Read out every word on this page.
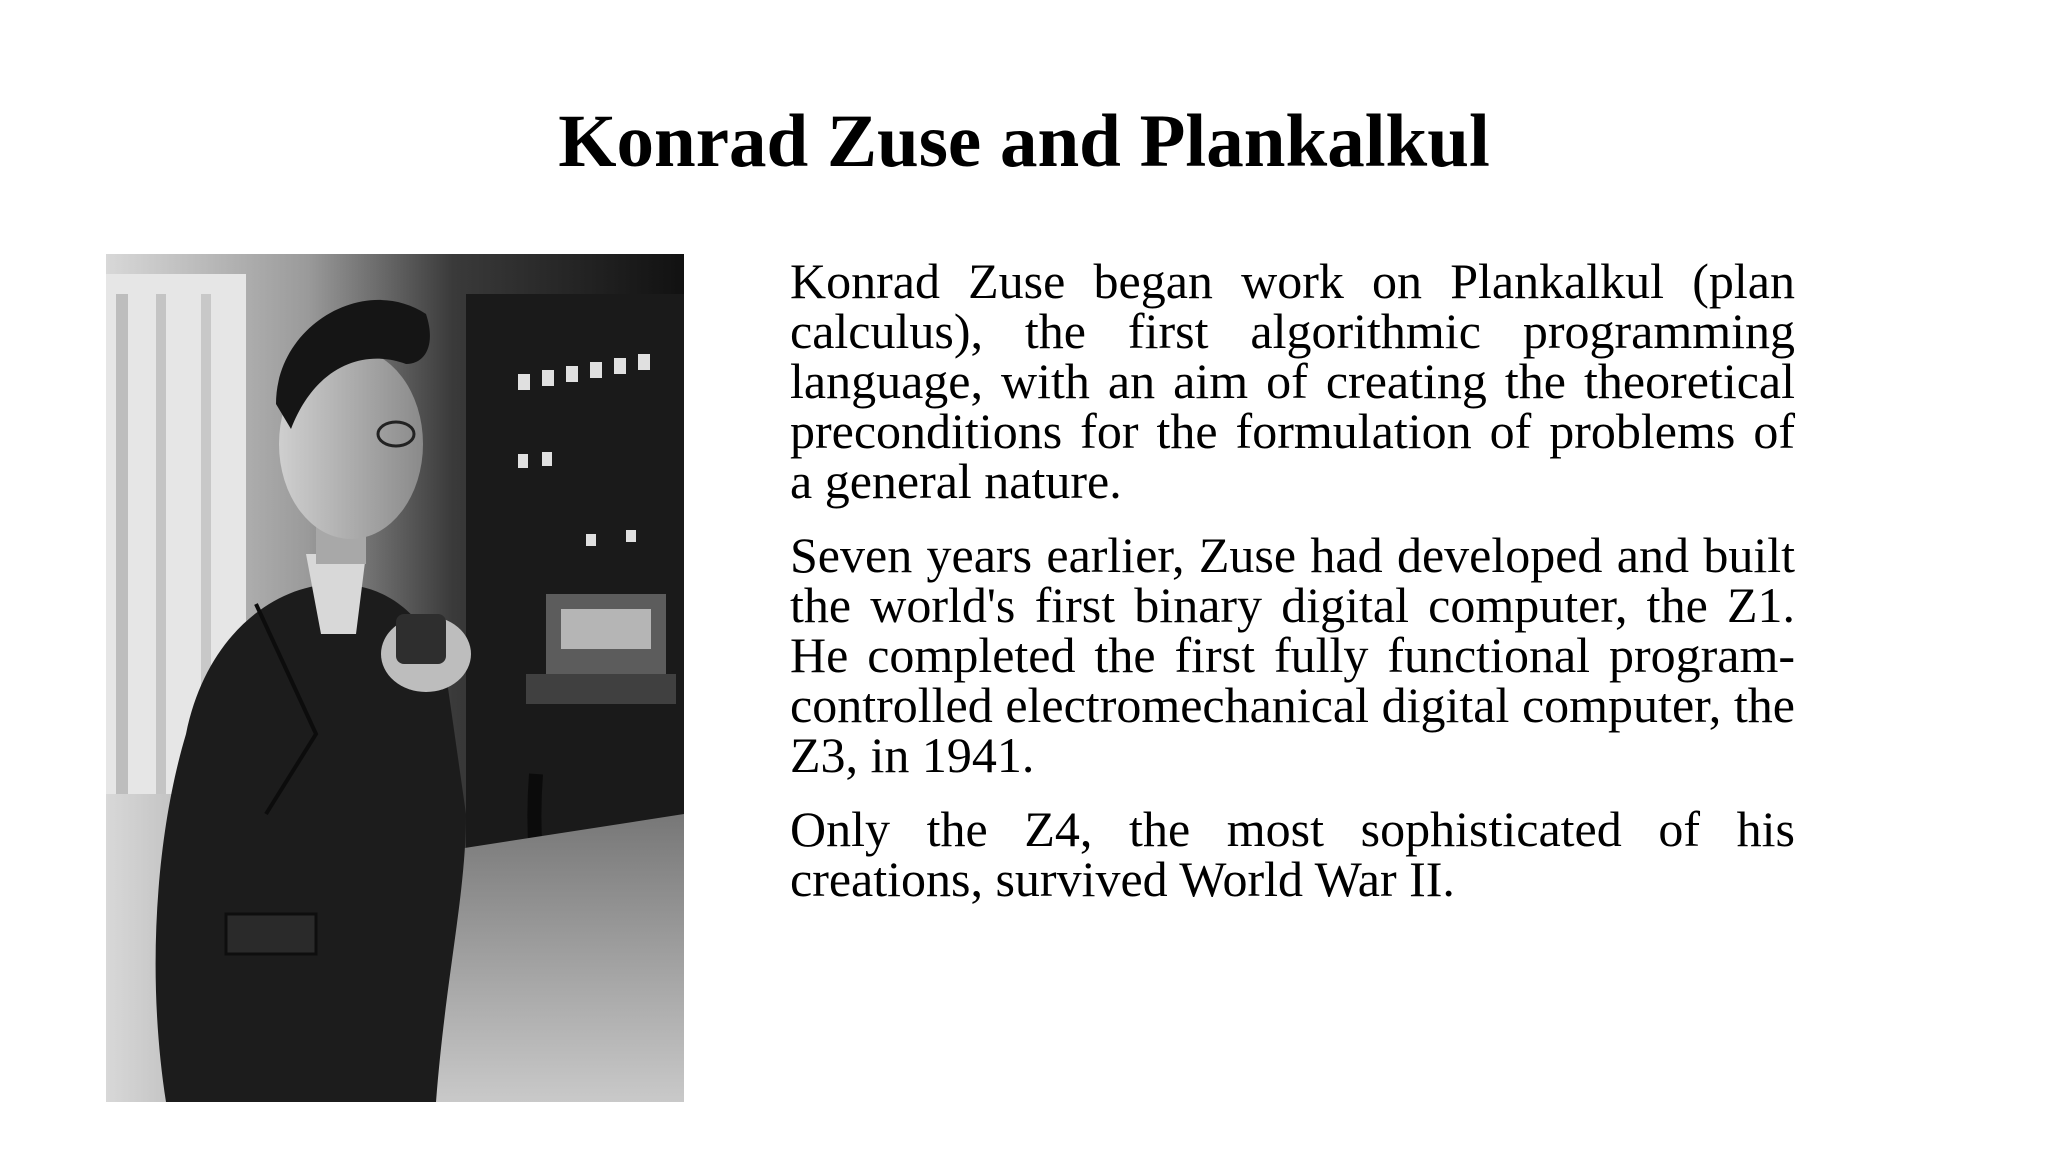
Konrad Zuse and Plankalkul

Konrad Zuse began work on Plankalkul (plan calculus), the first algorithmic programming language, with an aim of creating the theoretical preconditions for the formulation of problems of a general nature.

Seven years earlier, Zuse had developed and built the world's first binary digital computer, the Z1. He completed the first fully functional program-controlled electromechanical digital computer, the Z3, in 1941.

Only the Z4, the most sophisticated of his creations, survived World War II.
